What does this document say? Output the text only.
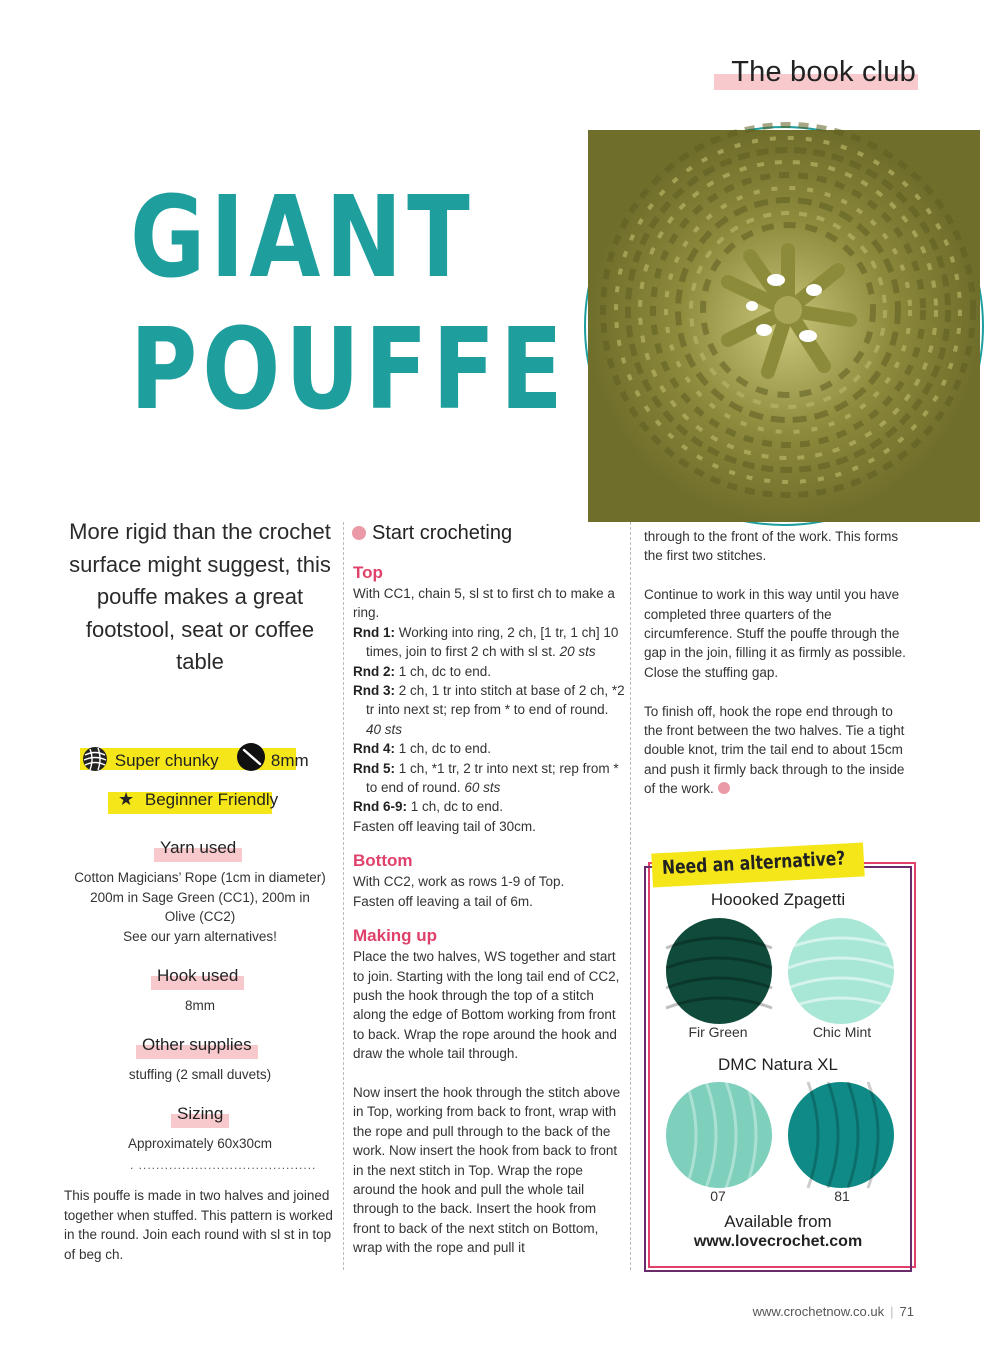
The book club
GIANT
POUFFE
More rigid than the crochet surface might suggest, this pouffe makes a great footstool, seat or coffee table
Super chunky	8mm
★ Beginner Friendly
Yarn used
Cotton Magicians’ Rope (1cm in diameter)
200m in Sage Green (CC1), 200m in
Olive (CC2)
See our yarn alternatives!
Hook used
8mm
Other supplies
stuffing (2 small duvets)
Sizing
Approximately 60x30cm
. .........................................
This pouffe is made in two halves and joined together when stuffed. This pattern is worked in the round. Join each round with sl st in top of beg ch.
Start crocheting

Top

With CC1, chain 5, sl st to first ch to make a ring.

Rnd 1: Working into ring, 2 ch, [1 tr, 1 ch] 10 times, join to first 2 ch with sl st. 20 sts

Rnd 2: 1 ch, dc to end.

Rnd 3: 2 ch, 1 tr into stitch at base of 2 ch, *2 tr into next st; rep from * to end of round. 40 sts

Rnd 4: 1 ch, dc to end.

Rnd 5: 1 ch, *1 tr, 2 tr into next st; rep from * to end of round. 60 sts

Rnd 6-9: 1 ch, dc to end.

Fasten off leaving tail of 30cm.

Bottom

With CC2, work as rows 1-9 of Top.

Fasten off leaving a tail of 6m.

Making up

Place the two halves, WS together and start to join. Starting with the long tail end of CC2, push the hook through the top of a stitch along the edge of Bottom working from front to back. Wrap the rope around the hook and draw the whole tail through.

Now insert the hook through the stitch above in Top, working from back to front, wrap with the rope and pull through to the back of the work. Now insert the hook from back to front in the next stitch in Top. Wrap the rope around the hook and pull the whole tail through to the back. Insert the hook from front to back of the next stitch on Bottom, wrap with the rope and pull it

through to the front of the work. This forms the first two stitches.

Continue to work in this way until you have completed three quarters of the circumference. Stuff the pouffe through the gap in the join, filling it as firmly as possible. Close the stuffing gap.

To finish off, hook the rope end through to the front between the two halves. Tie a tight double knot, trim the tail end to about 15cm and push it firmly back through to the inside of the work.

Need an alternative?
Hoooked Zpagetti
Fir Green	Chic Mint
DMC Natura XL
07	81
Available from
www.lovecrochet.com
www.crochetnow.co.uk | 71
